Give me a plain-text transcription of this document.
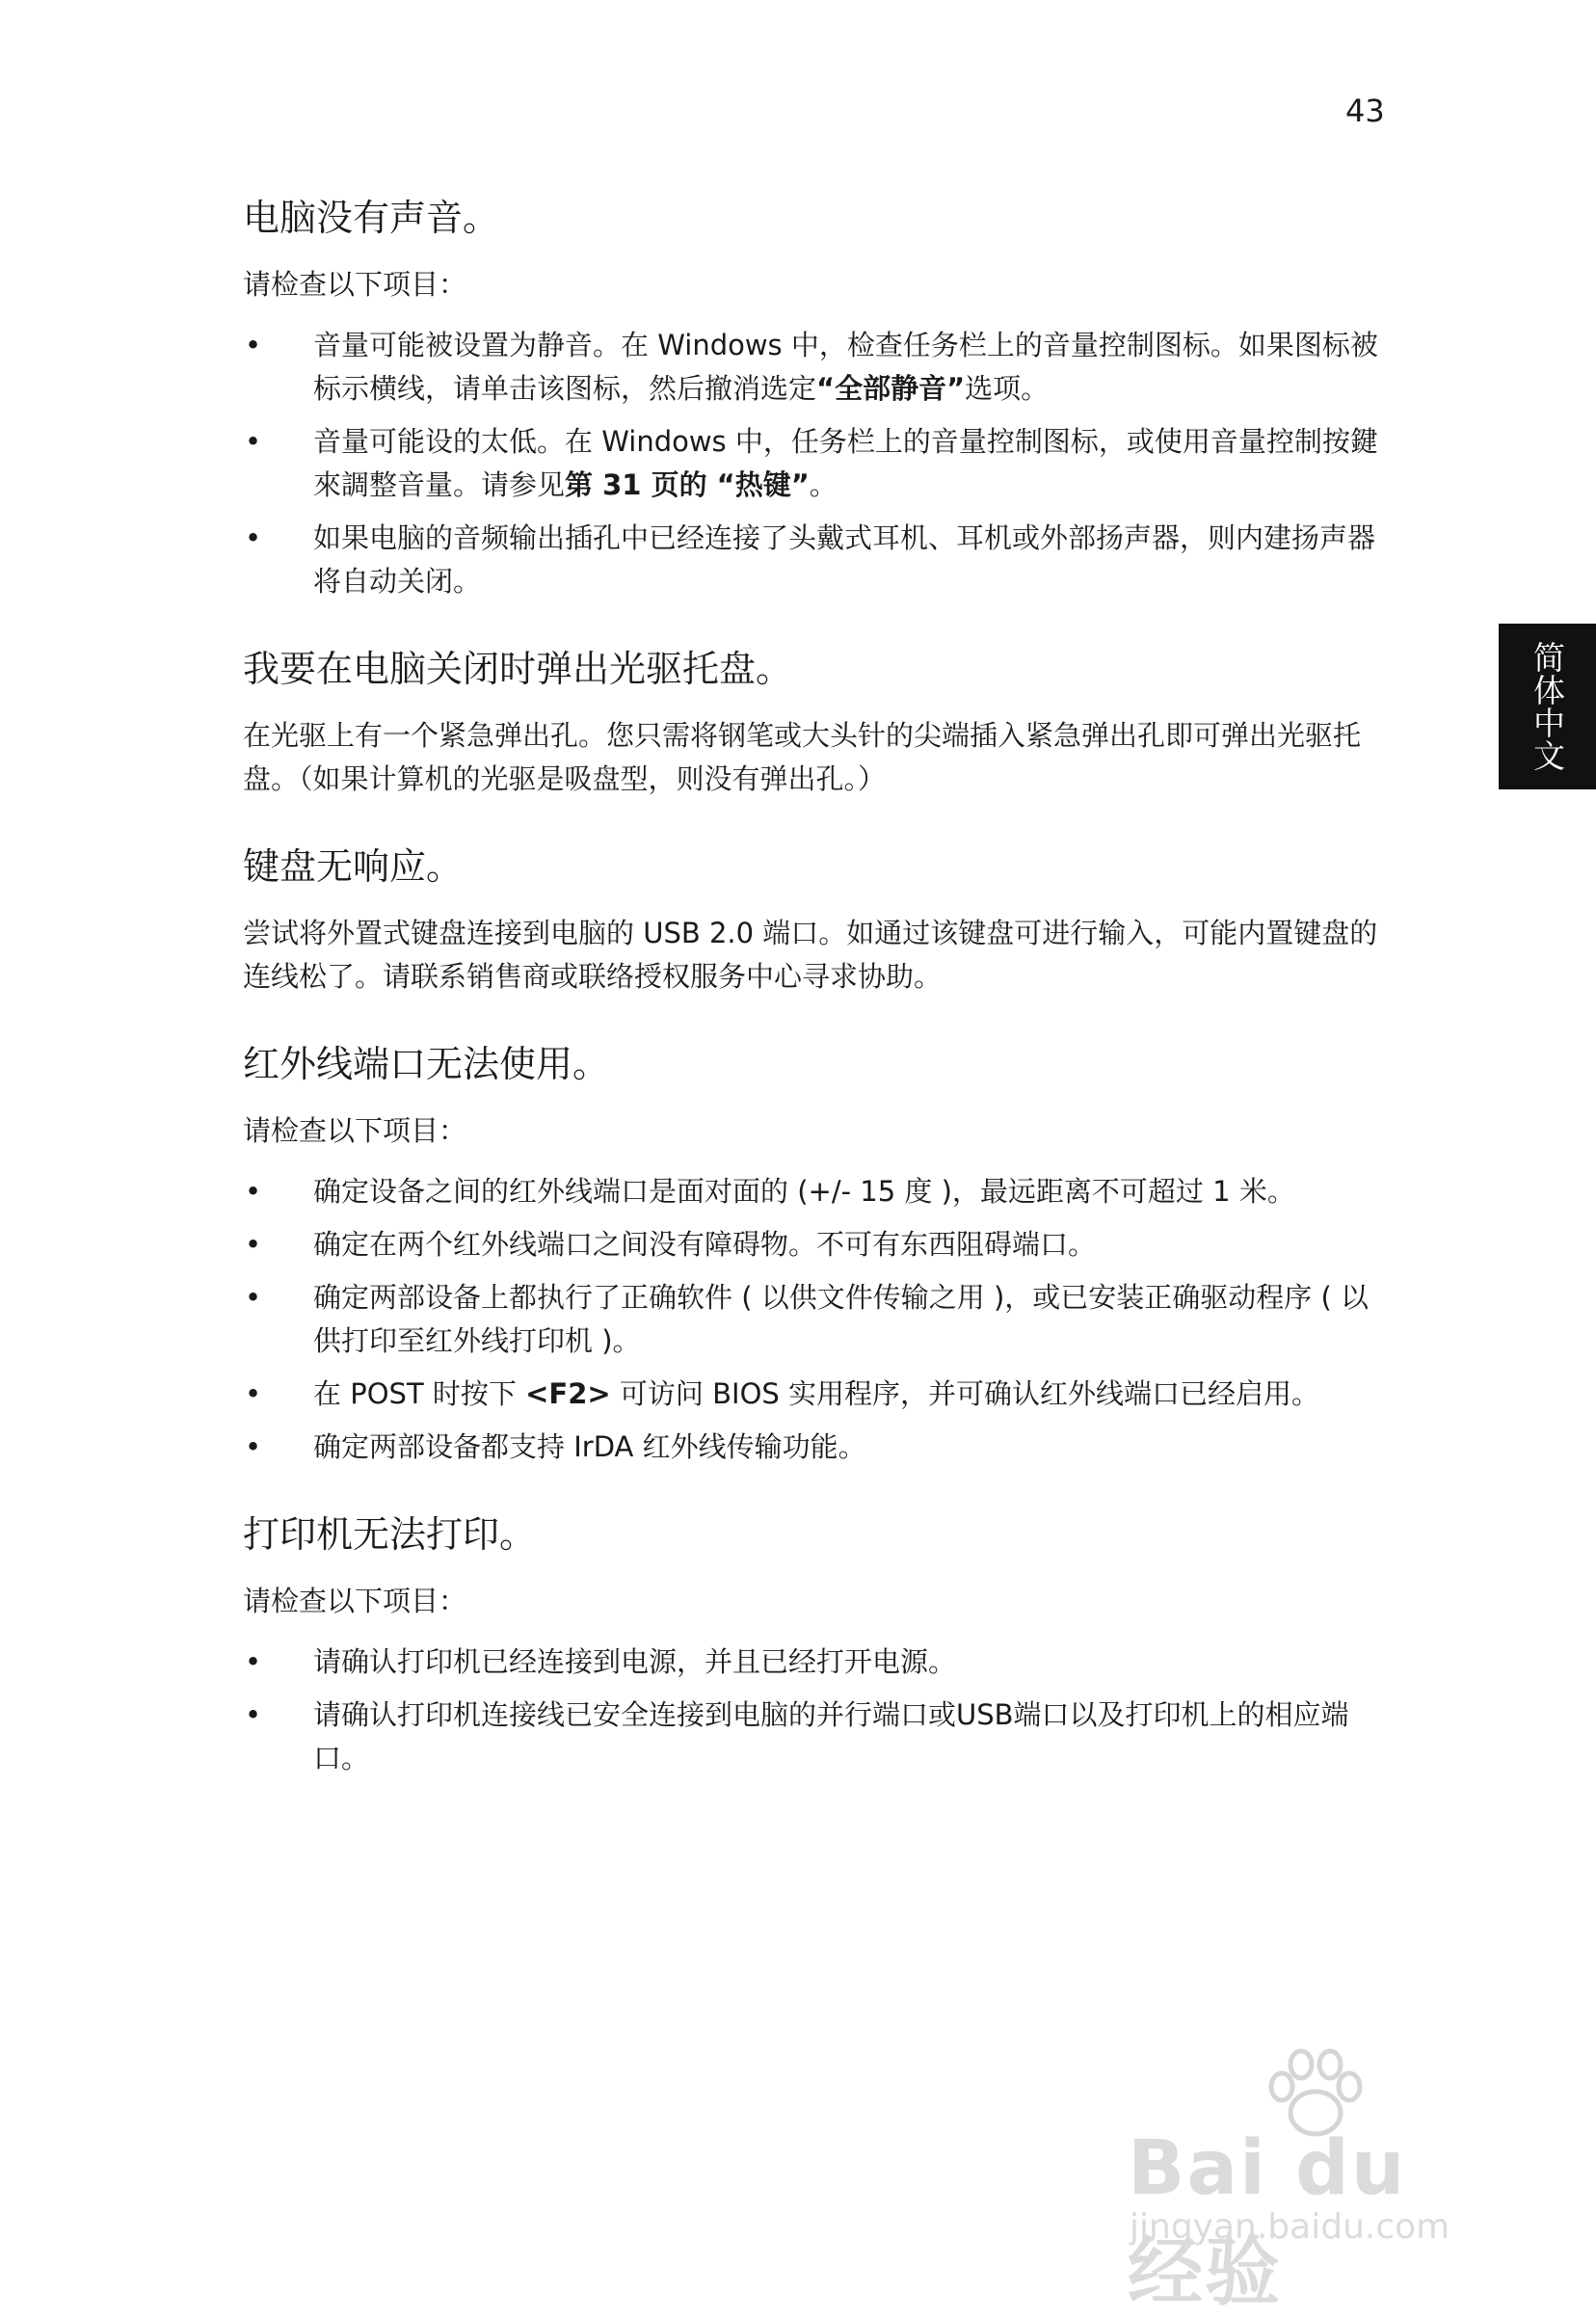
43
简体中文
电脑没有声音。

请检查以下项目：

• 音量可能被设置为静音。在 Windows 中，检查任务栏上的音量控制图标。如果图标被标示横线，请单击该图标，然后撤消选定“全部静音”选项。
• 音量可能设的太低。在 Windows 中，任务栏上的音量控制图标，或使用音量控制按鍵來調整音量。请参见第 31 页的 “热键”。
• 如果电脑的音频输出插孔中已经连接了头戴式耳机、耳机或外部扬声器，则内建扬声器将自动关闭。
我要在电脑关闭时弹出光驱托盘。

在光驱上有一个紧急弹出孔。您只需将钢笔或大头针的尖端插入紧急弹出孔即可弹出光驱托盘。（如果计算机的光驱是吸盘型，则没有弹出孔。）

键盘无响应。

尝试将外置式键盘连接到电脑的 USB 2.0 端口。如通过该键盘可进行输入，可能内置键盘的连线松了。请联系销售商或联络授权服务中心寻求协助。

红外线端口无法使用。

请检查以下项目：

• 确定设备之间的红外线端口是面对面的 (+/- 15 度 )，最远距离不可超过 1 米。
• 确定在两个红外线端口之间没有障碍物。不可有东西阻碍端口。
• 确定两部设备上都执行了正确软件 ( 以供文件传输之用 )，或已安装正确驱动程序 ( 以供打印至红外线打印机 )。
• 在 POST 时按下 <F2> 可访问 BIOS 实用程序，并可确认红外线端口已经启用。
• 确定两部设备都支持 IrDA 红外线传输功能。
打印机无法打印。

请检查以下项目：

• 请确认打印机已经连接到电源，并且已经打开电源。
• 请确认打印机连接线已安全连接到电脑的并行端口或USB端口以及打印机上的相应端口。
Bai du 经验
jingyan.baidu.com
